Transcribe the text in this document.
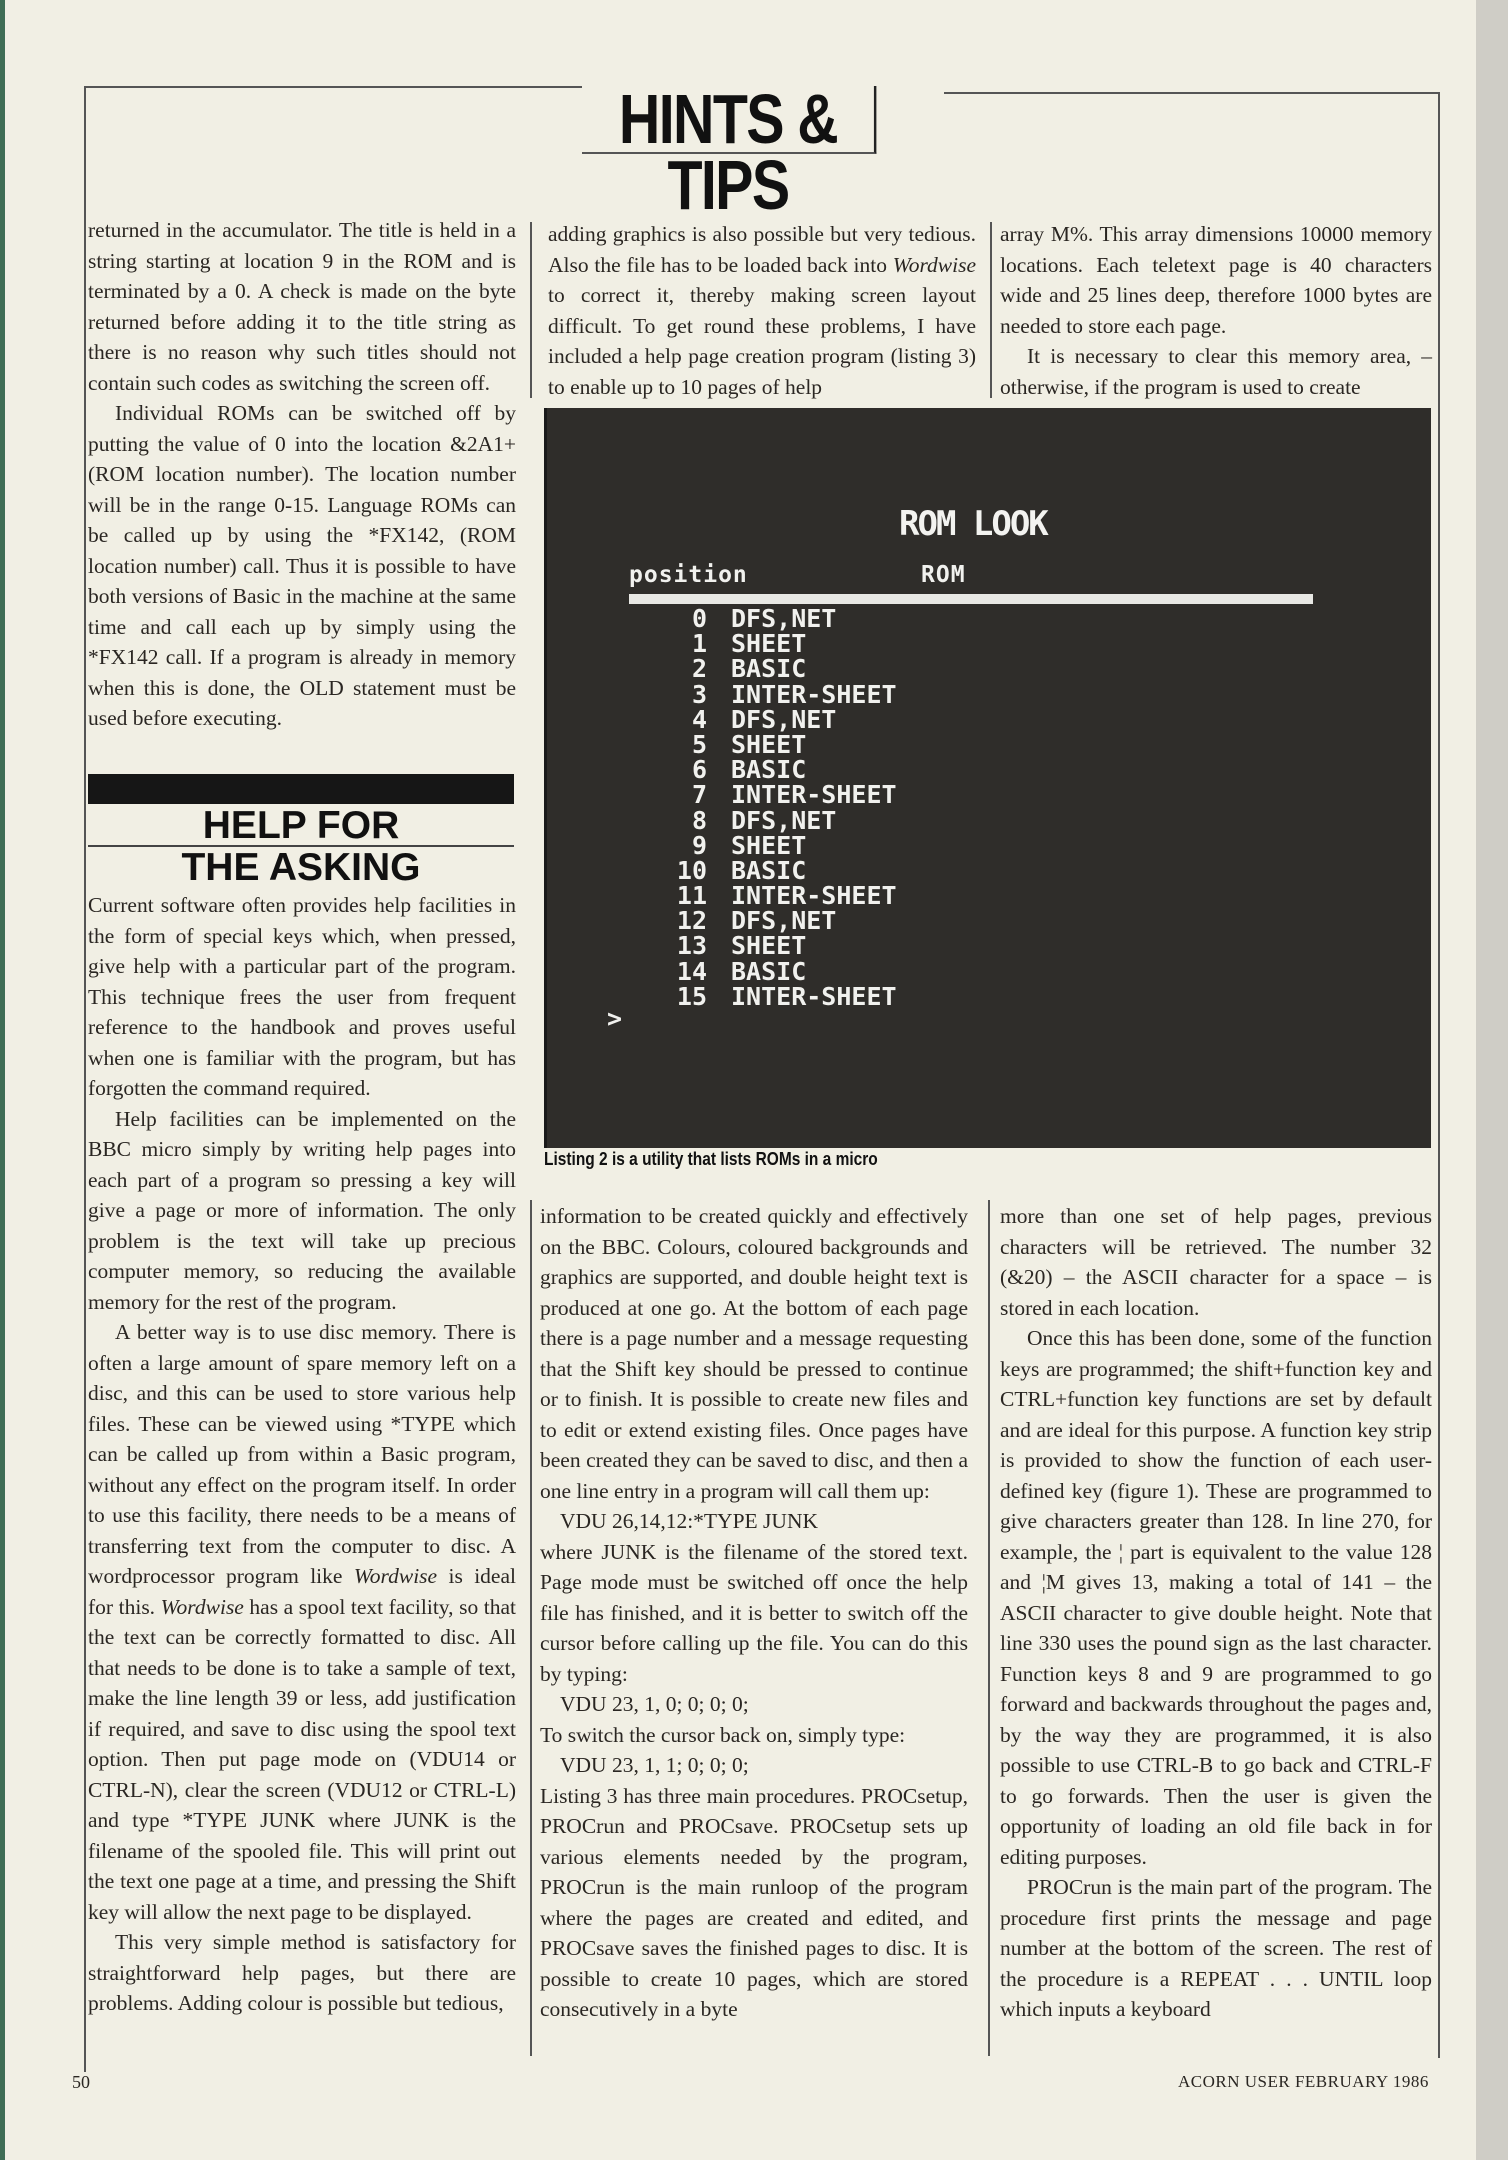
HINTS & TIPS

returned in the accumulator. The title is held in a string starting at location 9 in the ROM and is terminated by a 0. A check is made on the byte returned before adding it to the title string as there is no reason why such titles should not contain such codes as switching the screen off.

Individual ROMs can be switched off by putting the value of 0 into the location &2A1+(ROM location number). The location number will be in the range 0-15. Language ROMs can be called up by using the *FX142, (ROM location number) call. Thus it is possible to have both versions of Basic in the machine at the same time and call each up by simply using the *FX142 call. If a program is already in memory when this is done, the OLD statement must be used before executing.

HELP FOR
THE ASKING

Current software often provides help facilities in the form of special keys which, when pressed, give help with a particular part of the program. This technique frees the user from frequent reference to the handbook and proves useful when one is familiar with the program, but has forgotten the command required.

Help facilities can be implemented on the BBC micro simply by writing help pages into each part of a program so pressing a key will give a page or more of information. The only problem is the text will take up precious computer memory, so reducing the available memory for the rest of the program.

A better way is to use disc memory. There is often a large amount of spare memory left on a disc, and this can be used to store various help files. These can be viewed using *TYPE which can be called up from within a Basic program, without any effect on the program itself. In order to use this facility, there needs to be a means of transferring text from the computer to disc. A wordprocessor program like Wordwise is ideal for this. Wordwise has a spool text facility, so that the text can be correctly formatted to disc. All that needs to be done is to take a sample of text, make the line length 39 or less, add justification if required, and save to disc using the spool text option. Then put page mode on (VDU14 or CTRL-N), clear the screen (VDU12 or CTRL-L) and type *TYPE JUNK where JUNK is the filename of the spooled file. This will print out the text one page at a time, and pressing the Shift key will allow the next page to be displayed.

This very simple method is satisfactory for straightforward help pages, but there are problems. Adding colour is possible but tedious,

adding graphics is also possible but very tedious. Also the file has to be loaded back into Wordwise to correct it, thereby making screen layout difficult. To get round these problems, I have included a help page creation program (listing 3) to enable up to 10 pages of help

array M%. This array dimensions 10000 memory locations. Each teletext page is 40 characters wide and 25 lines deep, therefore 1000 bytes are needed to store each page.

It is necessary to clear this memory area, – otherwise, if the program is used to create

ROM LOOK
position	ROM
0 DFS,NET
1 SHEET
2 BASIC
3 INTER-SHEET
4 DFS,NET
5 SHEET
6 BASIC
7 INTER-SHEET
8 DFS,NET
9 SHEET
10 BASIC
11 INTER-SHEET
12 DFS,NET
13 SHEET
14 BASIC
15 INTER-SHEET
>
Listing 2 is a utility that lists ROMs in a micro

information to be created quickly and effectively on the BBC. Colours, coloured backgrounds and graphics are supported, and double height text is produced at one go. At the bottom of each page there is a page number and a message requesting that the Shift key should be pressed to continue or to finish. It is possible to create new files and to edit or extend existing files. Once pages have been created they can be saved to disc, and then a one line entry in a program will call them up:

VDU 26,14,12:*TYPE JUNK

where JUNK is the filename of the stored text. Page mode must be switched off once the help file has finished, and it is better to switch off the cursor before calling up the file. You can do this by typing:

VDU 23, 1, 0; 0; 0; 0;

To switch the cursor back on, simply type:

VDU 23, 1, 1; 0; 0; 0;

Listing 3 has three main procedures. PROCsetup, PROCrun and PROCsave. PROCsetup sets up various elements needed by the program, PROCrun is the main runloop of the program where the pages are created and edited, and PROCsave saves the finished pages to disc. It is possible to create 10 pages, which are stored consecutively in a byte

more than one set of help pages, previous characters will be retrieved. The number 32 (&20) – the ASCII character for a space – is stored in each location.

Once this has been done, some of the function keys are programmed; the shift+function key and CTRL+function key functions are set by default and are ideal for this purpose. A function key strip is provided to show the function of each user-defined key (figure 1). These are programmed to give characters greater than 128. In line 270, for example, the ¦ part is equivalent to the value 128 and ¦M gives 13, making a total of 141 – the ASCII character to give double height. Note that line 330 uses the pound sign as the last character. Function keys 8 and 9 are programmed to go forward and backwards throughout the pages and, by the way they are programmed, it is also possible to use CTRL-B to go back and CTRL-F to go forwards. Then the user is given the opportunity of loading an old file back in for editing purposes.

PROCrun is the main part of the program. The procedure first prints the message and page number at the bottom of the screen. The rest of the procedure is a REPEAT . . . UNTIL loop which inputs a keyboard

50	ACORN USER FEBRUARY 1986
